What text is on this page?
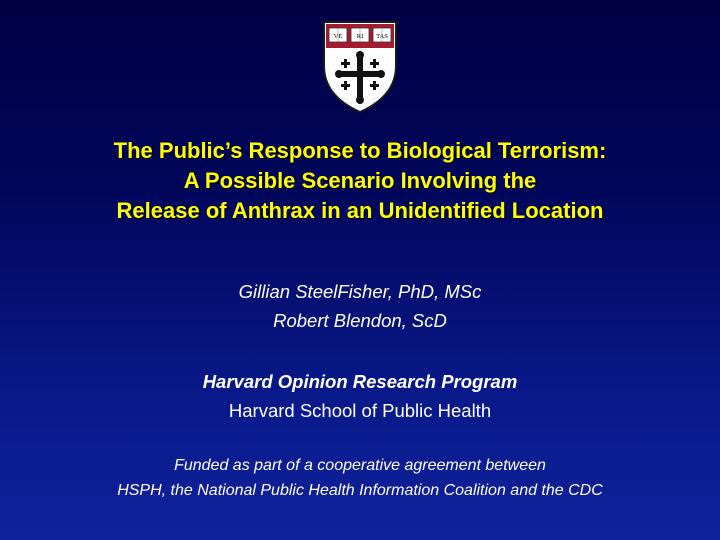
VE RI TAS
The Public’s Response to Biological Terrorism:
A Possible Scenario Involving the
Release of Anthrax in an Unidentified Location
Gillian SteelFisher, PhD, MSc
Robert Blendon, ScD
Harvard Opinion Research Program
Harvard School of Public Health
Funded as part of a cooperative agreement between
HSPH, the National Public Health Information Coalition and the CDC
